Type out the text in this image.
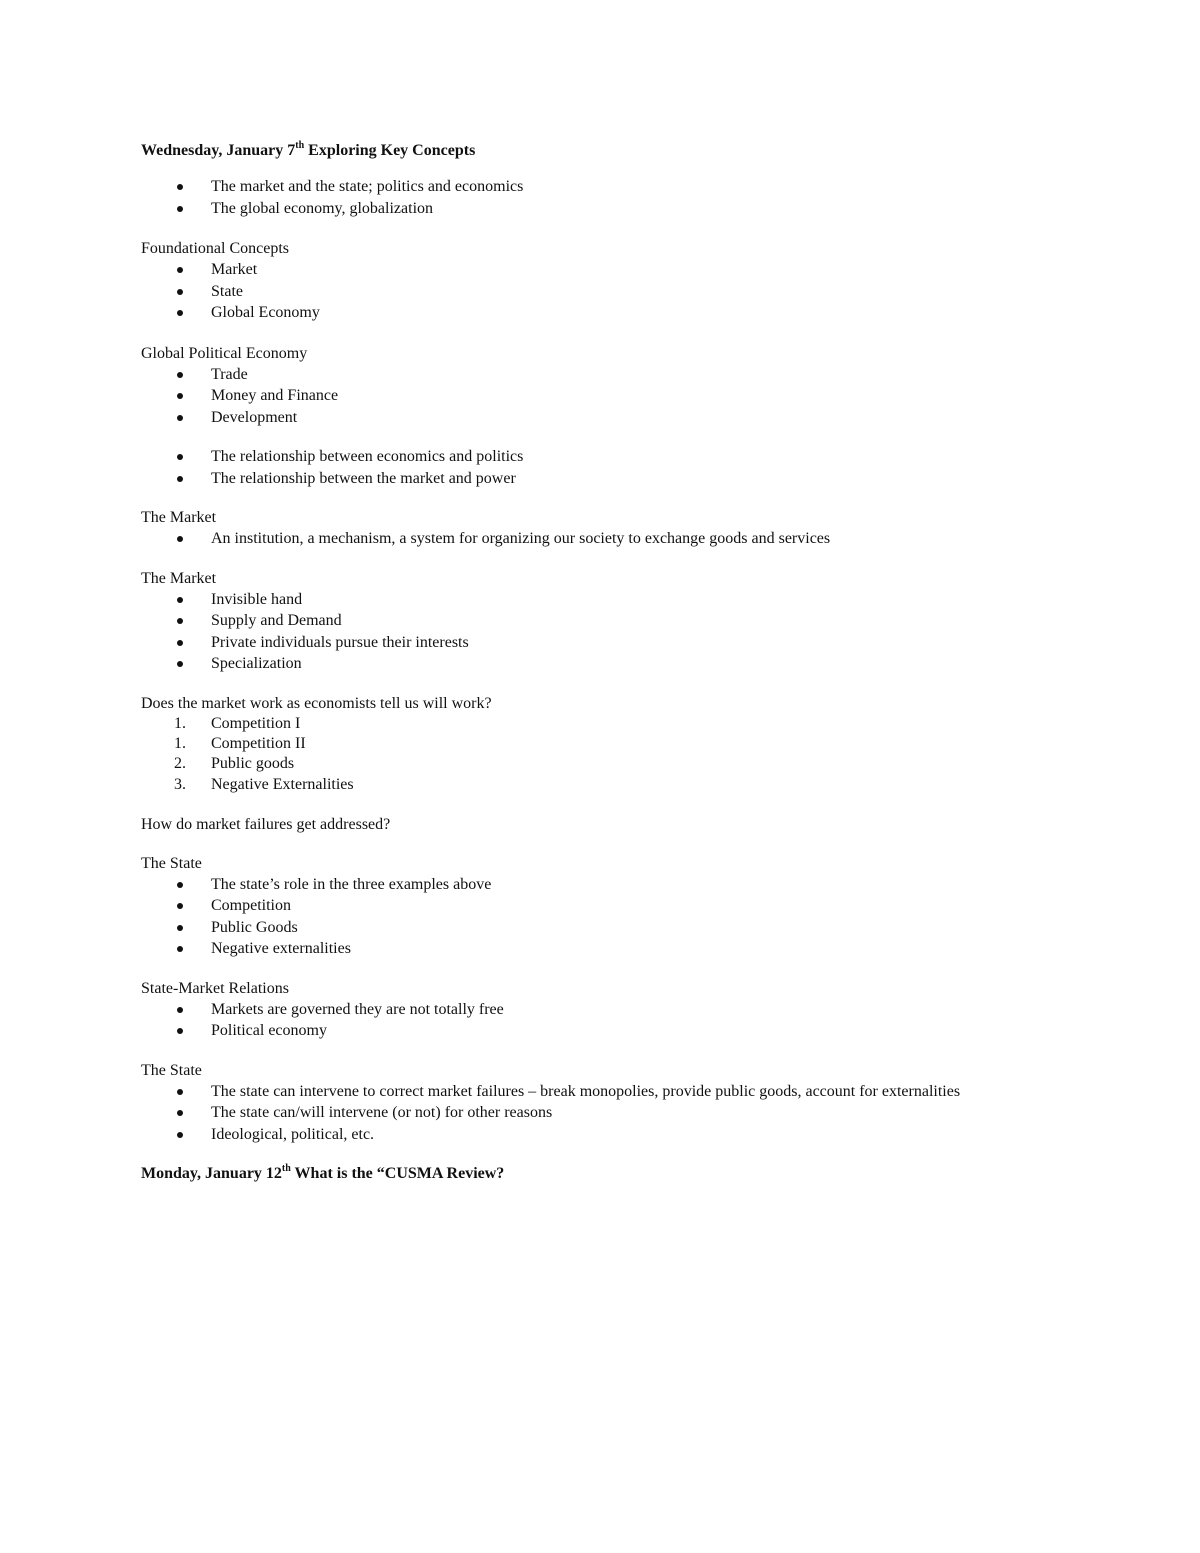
Wednesday, January 7th Exploring Key Concepts
The market and the state; politics and economics
The global economy, globalization
Foundational Concepts
Market
State
Global Economy
Global Political Economy
Trade
Money and Finance
Development
The relationship between economics and politics
The relationship between the market and power
The Market
An institution, a mechanism, a system for organizing our society to exchange goods and services
The Market
Invisible hand
Supply and Demand
Private individuals pursue their interests
Specialization
Does the market work as economists tell us will work?
1. Competition I
1. Competition II
2. Public goods
3. Negative Externalities
How do market failures get addressed?
The State
The state’s role in the three examples above
Competition
Public Goods
Negative externalities
State-Market Relations
Markets are governed they are not totally free
Political economy
The State
The state can intervene to correct market failures – break monopolies, provide public goods, account for externalities
The state can/will intervene (or not) for other reasons
Ideological, political, etc.
Monday, January 12th What is the “CUSMA Review?
